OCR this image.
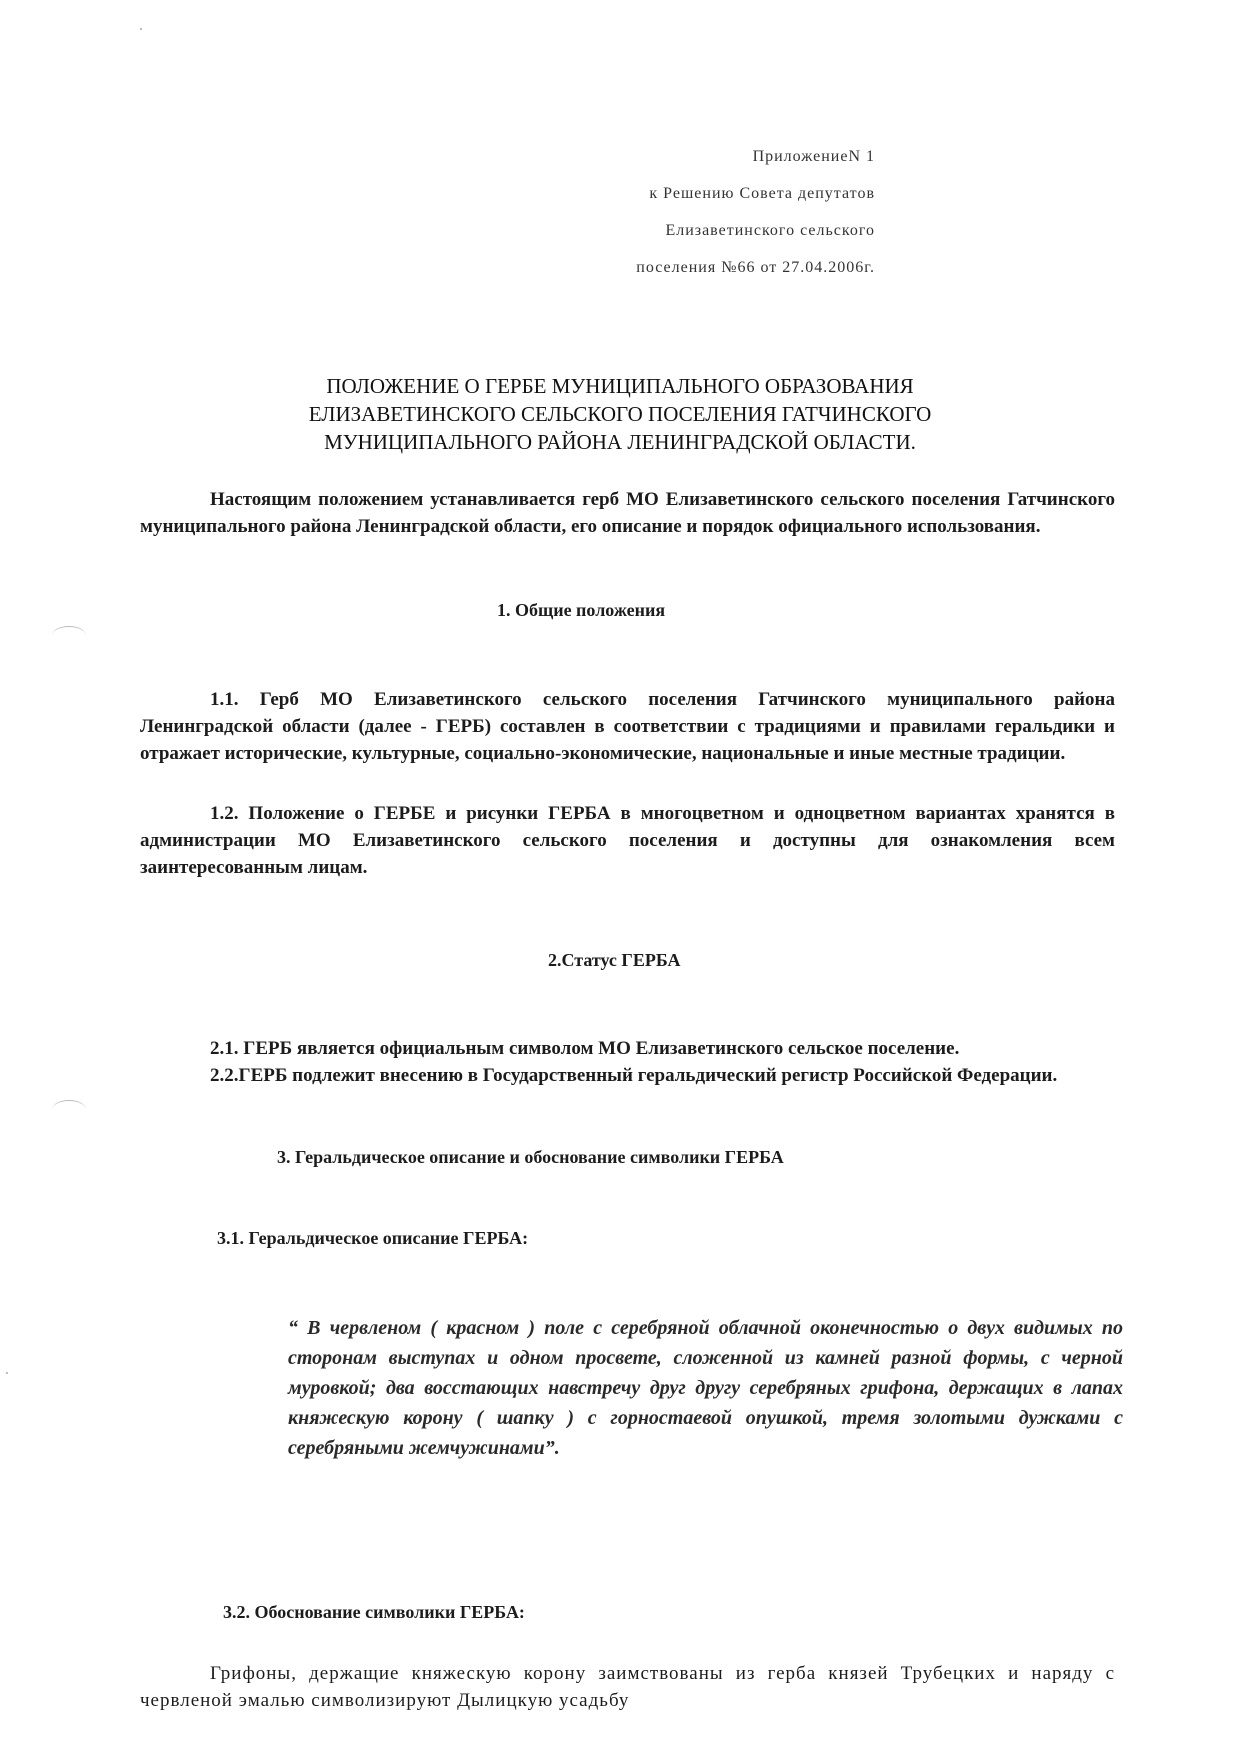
ПриложениеN 1
к Решению Совета депутатов
Елизаветинского сельского
поселения №66 от 27.04.2006г.
ПОЛОЖЕНИЕ О ГЕРБЕ МУНИЦИПАЛЬНОГО ОБРАЗОВАНИЯ
ЕЛИЗАВЕТИНСКОГО СЕЛЬСКОГО ПОСЕЛЕНИЯ ГАТЧИНСКОГО
МУНИЦИПАЛЬНОГО РАЙОНА ЛЕНИНГРАДСКОЙ ОБЛАСТИ.
Настоящим положением устанавливается герб МО Елизаветинского сельского поселения Гатчинского муниципального района Ленинградской области, его описание и порядок официального использования.
1. Общие положения
1.1. Герб МО Елизаветинского сельского поселения Гатчинского муниципального района Ленинградской области (далее - ГЕРБ) составлен в соответствии с традициями и правилами геральдики и отражает исторические, культурные, социально-экономические, национальные и иные местные традиции.
1.2. Положение о ГЕРБЕ и рисунки ГЕРБА в многоцветном и одноцветном вариантах хранятся в администрации МО Елизаветинского сельского поселения и доступны для ознакомления всем заинтересованным лицам.
2.Статус ГЕРБА
2.1. ГЕРБ является официальным символом МО Елизаветинского сельское поселение.
2.2.ГЕРБ подлежит внесению в Государственный геральдический регистр Российской Федерации.
3. Геральдическое описание и обоснование символики ГЕРБА
3.1. Геральдическое описание ГЕРБА:
“ В червленом ( красном ) поле с серебряной облачной оконечностью о двух видимых по сторонам выступах и одном просвете, сложенной из камней разной формы, с черной муровкой; два восстающих навстречу друг другу серебряных грифона, держащих в лапах княжескую корону ( шапку ) с горностаевой опушкой, тремя золотыми дужками с серебряными жемчужинами”.
3.2. Обоснование символики ГЕРБА:
Грифоны, держащие княжескую корону заимствованы из герба князей Трубецких и наряду с червленой эмалью символизируют Дылицкую усадьбу
